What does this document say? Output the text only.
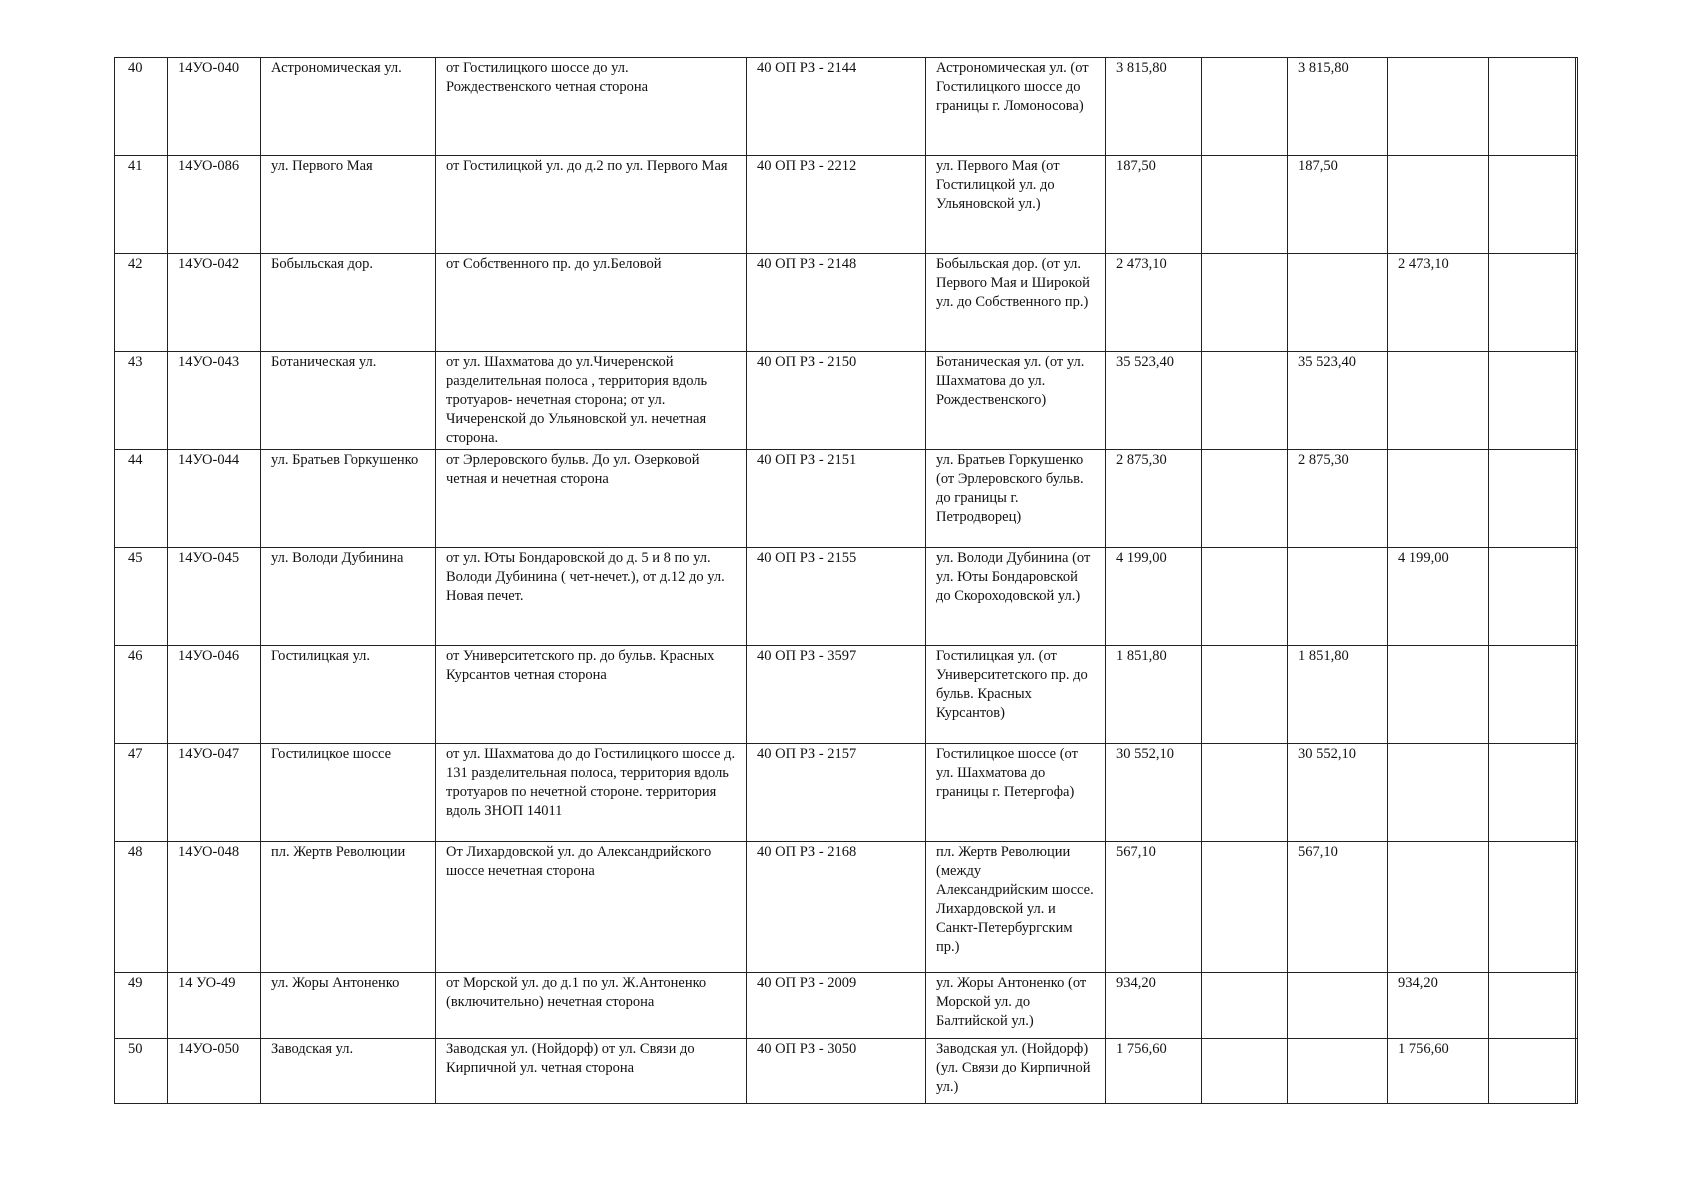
40	14УО-040	Астрономическая ул.	от Гостилицкого шоссе до ул. Рождественского четная сторона	40 ОП РЗ - 2144	Астрономическая ул. (от Гостилицкого шоссе до границы г. Ломоносова)	3 815,80		3 815,80			
41	14УО-086	ул. Первого Мая	от Гостилицкой ул. до д.2 по ул. Первого Мая	40 ОП РЗ - 2212	ул. Первого Мая (от Гостилицкой ул. до Ульяновской ул.)	187,50		187,50			
42	14УО-042	Бобыльская дор.	от Собственного пр. до ул.Беловой	40 ОП РЗ - 2148	Бобыльская дор. (от ул. Первого Мая и Широкой ул. до Собственного пр.)	2 473,10			2 473,10		
43	14УО-043	Ботаническая ул.	от ул. Шахматова до ул.Чичеренской разделительная полоса , территория вдоль тротуаров- нечетная сторона; от ул. Чичеренской до Ульяновской ул. нечетная сторона.	40 ОП РЗ - 2150	Ботаническая ул. (от ул. Шахматова до ул. Рождественского)	35 523,40		35 523,40			
44	14УО-044	ул. Братьев Горкушенко	от Эрлеровского бульв. До ул. Озерковой четная и нечетная сторона	40 ОП РЗ - 2151	ул. Братьев Горкушенко (от Эрлеровского бульв. до границы г. Петродворец)	2 875,30		2 875,30			
45	14УО-045	ул. Володи Дубинина	от ул. Юты Бондаровской до д. 5 и 8 по ул. Володи Дубинина ( чет-нечет.), от д.12 до ул. Новая печет.	40 ОП РЗ - 2155	ул. Володи Дубинина (от ул. Юты Бондаровской до Скороходовской ул.)	4 199,00			4 199,00		
46	14УО-046	Гостилицкая ул.	от Университетского пр. до бульв. Красных Курсантов четная сторона	40 ОП РЗ - 3597	Гостилицкая ул. (от Университетского пр. до бульв. Красных Курсантов)	1 851,80		1 851,80			
47	14УО-047	Гостилицкое шоссе	от ул. Шахматова до до Гостилицкого шоссе д. 131 разделительная полоса, территория вдоль тротуаров по нечетной стороне. территория вдоль ЗНОП 14011	40 ОП РЗ - 2157	Гостилицкое шоссе (от ул. Шахматова до границы г. Петергофа)	30 552,10		30 552,10			
48	14УО-048	пл. Жертв Революции	От Лихардовской ул. до Александрийского шоссе нечетная сторона	40 ОП РЗ - 2168	пл. Жертв Революции (между Александрийским шоссе. Лихардовской ул. и Санкт-Петербургским пр.)	567,10		567,10			
49	14 УО-49	ул. Жоры Антоненко	от Морской ул. до д.1 по ул. Ж.Антоненко (включительно) нечетная сторона	40 ОП РЗ - 2009	ул. Жоры Антоненко (от Морской ул. до Балтийской ул.)	934,20			934,20		
50	14УО-050	Заводская ул.	Заводская ул. (Нойдорф) от ул. Связи до Кирпичной ул. четная сторона	40 ОП РЗ - 3050	Заводская ул. (Нойдорф) (ул. Связи до Кирпичной ул.)	1 756,60			1 756,60		
